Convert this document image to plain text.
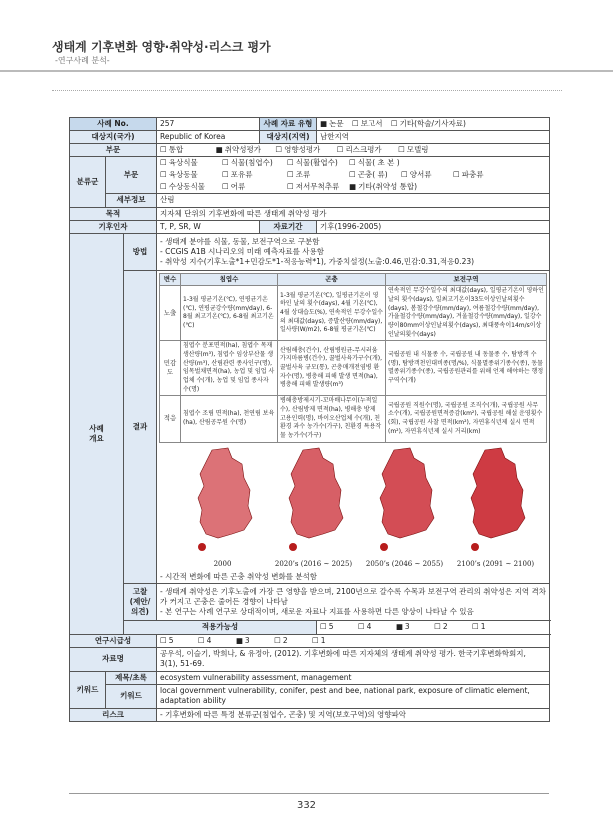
생태계 기후변화 영향·취약성·리스크 평가
-연구사례 분석-
사례 No.	257	사례 자료 유형	■논문 ☐ 보고서 ☐ 기타(학술/기사자료)
대상지(국가)	Republic of Korea	대상지(지역)	남한지역
부문	☐통합	■ 취약성평가	☐ 영향성평가	☐ 리스크평가	☐ 모델링
분류군	부문	
☐ 육상식물	☐ 식물(침엽수)	☐ 식물(활엽수)	☐ 식물( 초 본 )
☐ 육상동물	☐ 포유류	☐ 조류	☐ 곤충( 류)	☐ 양서류	☐ 파충류
☐ 수상동식물	☐ 어류	☐ 저서무척추류	■ 기타(취약성 통합)

세부정보	산림
목적	지자체 단위의 기후변화에 따른 생태계 취약성 평가
기후인자	T, P, SR, W	자료기간	기후(1996-2005)
사례
개요	방법	
- 생태계 분야를 식물, 동물, 보전구역으로 구분함
- CCGIS A1B 시나리오의 미래 예측자료를 사용함
- 취약성 지수(기후노출*1+민감도*1-적응능력*1), 가중치설정(노출:0.46,민감:0.31,적응0.23)

결과	
변수	침엽수	곤충	보전구역
노출	1-3월 평균기온(℃), 연평균기온(℃), 연평균강수량(mm/day), 6-8월 최고기온(℃), 6-8월 최고기온(℃)	1-3월 평균기온(℃), 일평균기온이 영하인 날의 횟수(days), 4월 기온(℃), 4월 상대습도(%), 연속적인 무강수일수의 최대값(days), 증발산량(mm/day), 일사량(W/m2), 6-8월 평균기온(℃)	연속적인 무강수일수의 최대값(days), 일평균기온이 영하인 날의 횟수(days), 일최고기온이33도이상인날의횟수(days), 봄철강수량(mm/day), 여름철강수량(mm/day), 가을철강수량(mm/day), 겨울철강수량(mm/day), 일강수량이80mm이상인날의횟수(days), 최대풍속이14m/s이상인날의횟수(days)
민감도	침엽수 분포면적(ha), 침엽수 목재 생산량(m³), 침엽수 임상부산물 생산량(m³), 산림관련 종사인구(명), 임목벌채면적(ha), 농업 및 임업 사업체 수(개), 농업 및 임업 종사자 수(명)	산림해충(건수), 산림병원균-무시러움가지마름병(건수), 꿀벌사육가구수(개), 꿀벌사육 규모(통), 곤충매개전염병 환자수(명), 병충해 피해 발생 면적(ha), 병충해 피해 발생량(m³)	국립공원 내 식물종 수, 국립공원 내 동물종 수, 탐방객 수(명), 탐방객천인대비종(명/%), 식물멸종위기종수(종), 동물멸종위기종수(종), 국립공원관리를 위해 언제 해야하는 행정구역수(개)
적응	침엽수 조림 면적(ha), 천연림 보육(ha), 산림공무원 수(명)	병해충방제시기-꼬마배나무이(누적일수), 산림방제 면적(ha), 병해충 방제 고용인력(명), 바이오산업체 수(개), 친환경 과수 농가수(가구), 친환경 특용작물 농가수(가구)	국립공원 직원수(명), 국립공원 조직수(개), 국립공원 사무소수(개), 국립공원면적증감(km²), 국립공원 해설 운영횟수(회), 국립공원 사찰 면적(km²), 자연휴식년제 실시 면적(m²), 자연휴식년제 실시 거리(km)
2000	2020’s (2016 ~ 2025)	2050’s (2046 ~ 2055)	2100’s (2091 ~ 2100)
- 시간적 변화에 따른 곤충 취약성 변화를 분석함

고찰
(제안/의견)	
- 생태계 취약성은 기후노출에 가장 큰 영향을 받으며, 2100년으로 갈수록 수목과 보전구역 관리의 취약성은 지역 격차가 커지고 곤충은 줄어든 경향이 나타남
- 본 연구는 사례 연구로 상대적이며, 새로운 자료나 지표를 사용하면 다른 양상이 나타날 수 있음

적용가능성	☐5	☐ 4	■ 3	☐ 2	☐ 1
연구시급성	☐5	☐ 4	■ 3	☐ 2	☐ 1
자료명	공우석, 이슬기, 박희나, & 유정아, (2012). 기후변화에 따른 지자체의 생태계 취약성 평가. 한국기후변화학회지, 3(1), 51-69.
키워드	제목/초록	ecosystem vulnerability assessment, management
키워드	local government vulnerability, conifer, pest and bee, national park, exposure of climatic element, adaptation ability
리스크	- 기후변화에 따른 특정 분류군(침엽수, 곤충) 및 지역(보호구역)의 영향파악
332
